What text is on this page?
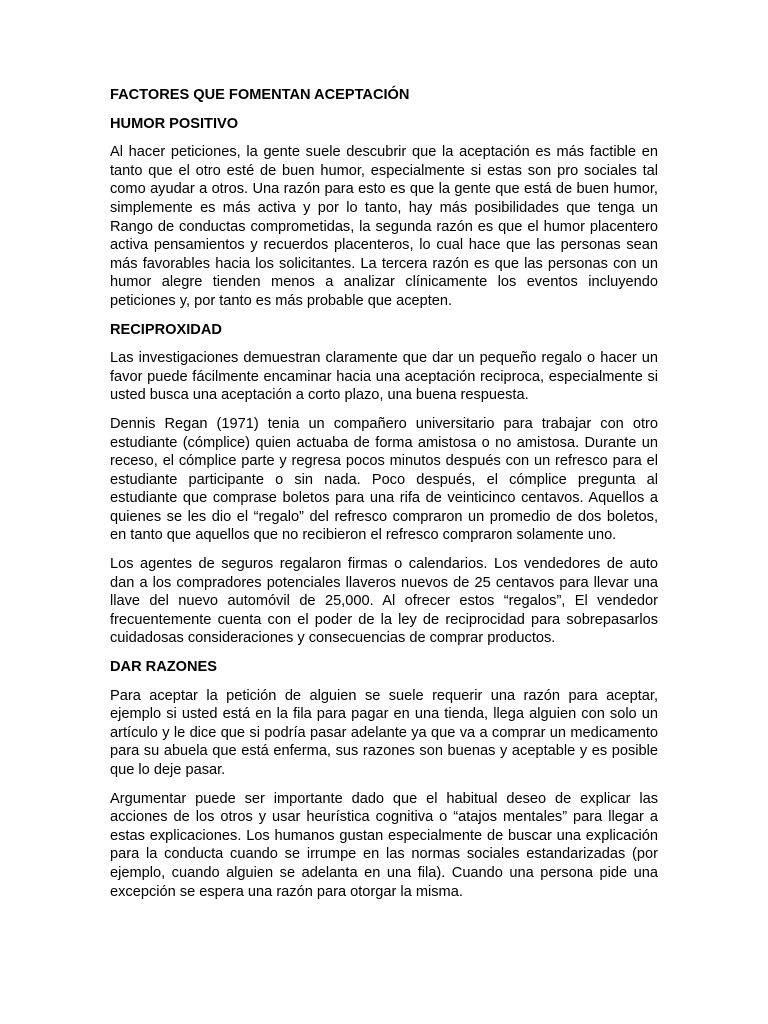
FACTORES QUE FOMENTAN ACEPTACIÓN
HUMOR POSITIVO

Al hacer peticiones, la gente suele descubrir que la aceptación es más factible en tanto que el otro esté de buen humor, especialmente si estas son pro sociales tal como ayudar a otros. Una razón para esto es que la gente que está de buen humor, simplemente es más activa y por lo tanto, hay más posibilidades que tenga un Rango de conductas comprometidas, la segunda razón es que el humor placentero activa pensamientos y recuerdos placenteros, lo cual hace que las personas sean más favorables hacia los solicitantes. La tercera razón es que las personas con un humor alegre tienden menos a analizar clínicamente los eventos incluyendo peticiones y, por tanto es más probable que acepten.

RECIPROXIDAD

Las investigaciones demuestran claramente que dar un pequeño regalo o hacer un favor puede fácilmente encaminar hacia una aceptación reciproca, especialmente si usted busca una aceptación a corto plazo, una buena respuesta.

Dennis Regan (1971) tenia un compañero universitario para trabajar con otro estudiante (cómplice) quien actuaba de forma amistosa o no amistosa. Durante un receso, el cómplice parte y regresa pocos minutos después con un refresco para el estudiante participante o sin nada. Poco después, el cómplice pregunta al estudiante que comprase boletos para una rifa de veinticinco centavos. Aquellos a quienes se les dio el “regalo” del refresco compraron un promedio de dos boletos, en tanto que aquellos que no recibieron el refresco compraron solamente uno.

Los agentes de seguros regalaron firmas o calendarios. Los vendedores de auto dan a los compradores potenciales llaveros nuevos de 25 centavos para llevar una llave del nuevo automóvil de 25,000. Al ofrecer estos “regalos”, El vendedor frecuentemente cuenta con el poder de la ley de reciprocidad para sobrepasarlos cuidadosas consideraciones y consecuencias de comprar productos.

DAR RAZONES

Para aceptar la petición de alguien se suele requerir una razón para aceptar, ejemplo si usted está en la fila para pagar en una tienda, llega alguien con solo un artículo y le dice que si podría pasar adelante ya que va a comprar un medicamento para su abuela que está enferma, sus razones son buenas y aceptable y es posible que lo deje pasar.

Argumentar puede ser importante dado que el habitual deseo de explicar las acciones de los otros y usar heurística cognitiva o “atajos mentales” para llegar a estas explicaciones. Los humanos gustan especialmente de buscar una explicación para la conducta cuando se irrumpe en las normas sociales estandarizadas (por ejemplo, cuando alguien se adelanta en una fila). Cuando una persona pide una excepción se espera una razón para otorgar la misma.
